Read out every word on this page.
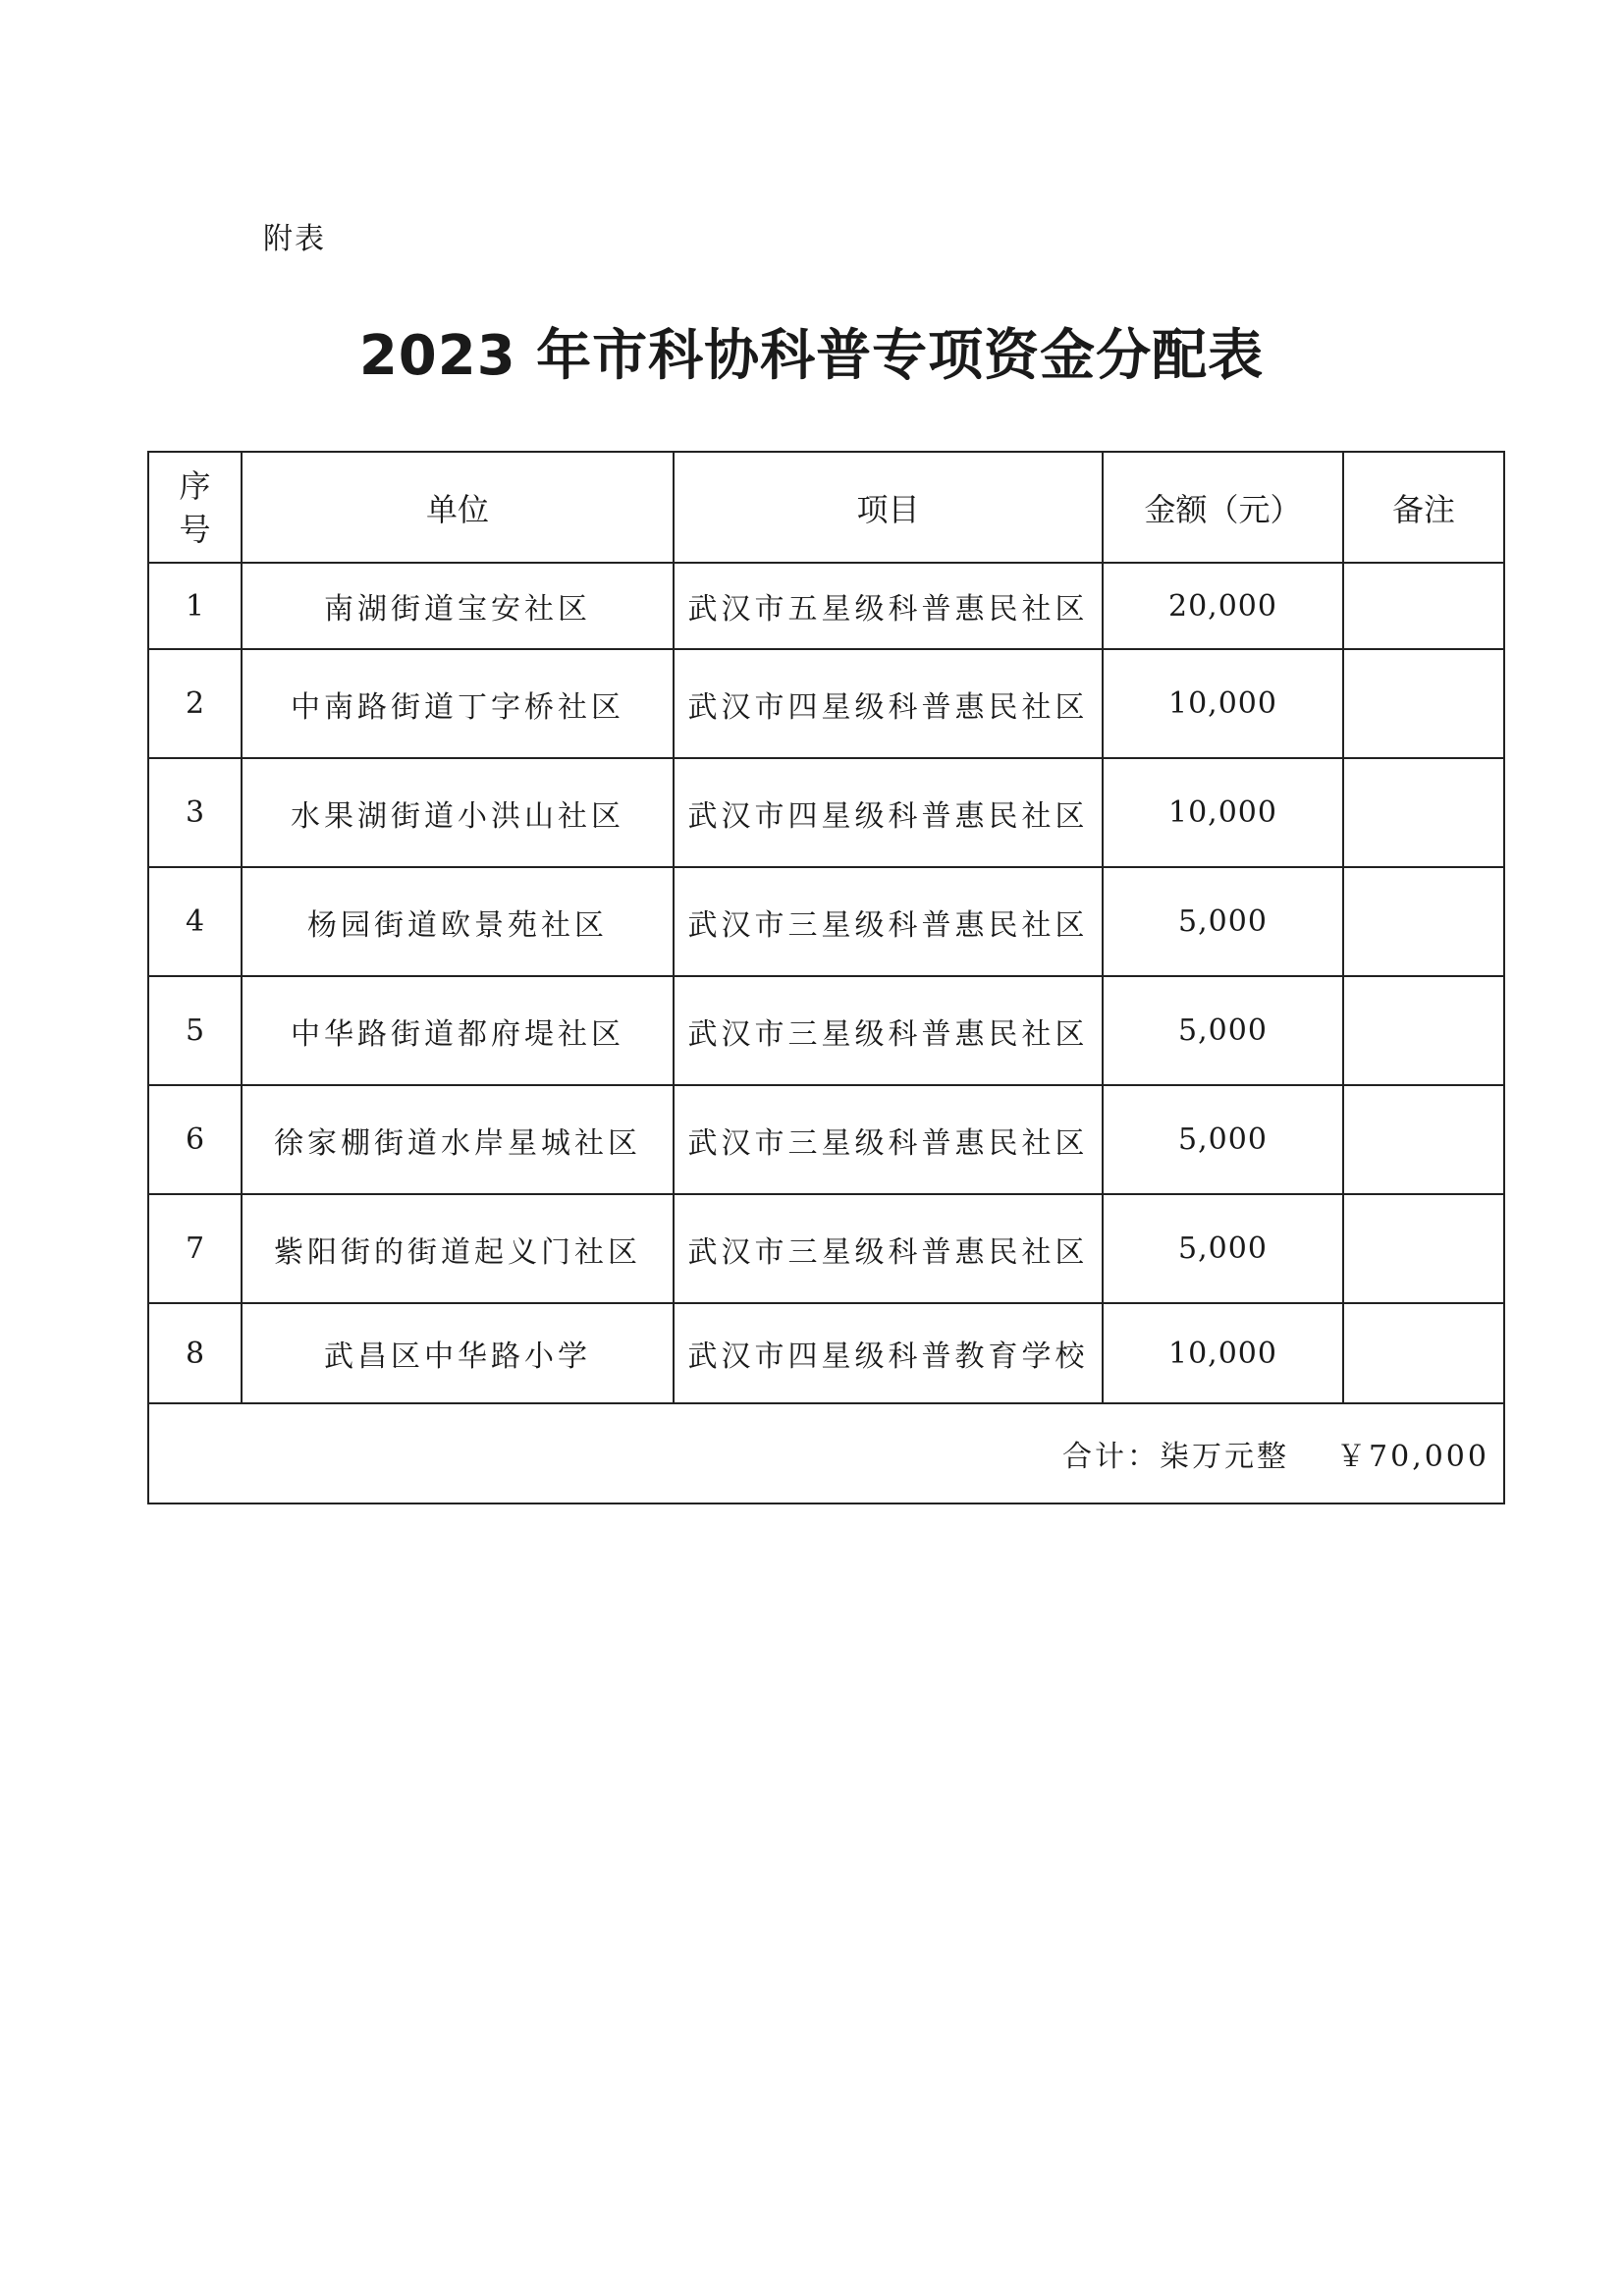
附表
2023 年市科协科普专项资金分配表
序
号	单位	项目	金额（元）	备注
1	南湖街道宝安社区	武汉市五星级科普惠民社区	20,000	
2	中南路街道丁字桥社区	武汉市四星级科普惠民社区	10,000	
3	水果湖街道小洪山社区	武汉市四星级科普惠民社区	10,000	
4	杨园街道欧景苑社区	武汉市三星级科普惠民社区	5,000	
5	中华路街道都府堤社区	武汉市三星级科普惠民社区	5,000	
6	徐家棚街道水岸星城社区	武汉市三星级科普惠民社区	5,000	
7	紫阳街的街道起义门社区	武汉市三星级科普惠民社区	5,000	
8	武昌区中华路小学	武汉市四星级科普教育学校	10,000	
合计：柒万元整 ￥70,000				
